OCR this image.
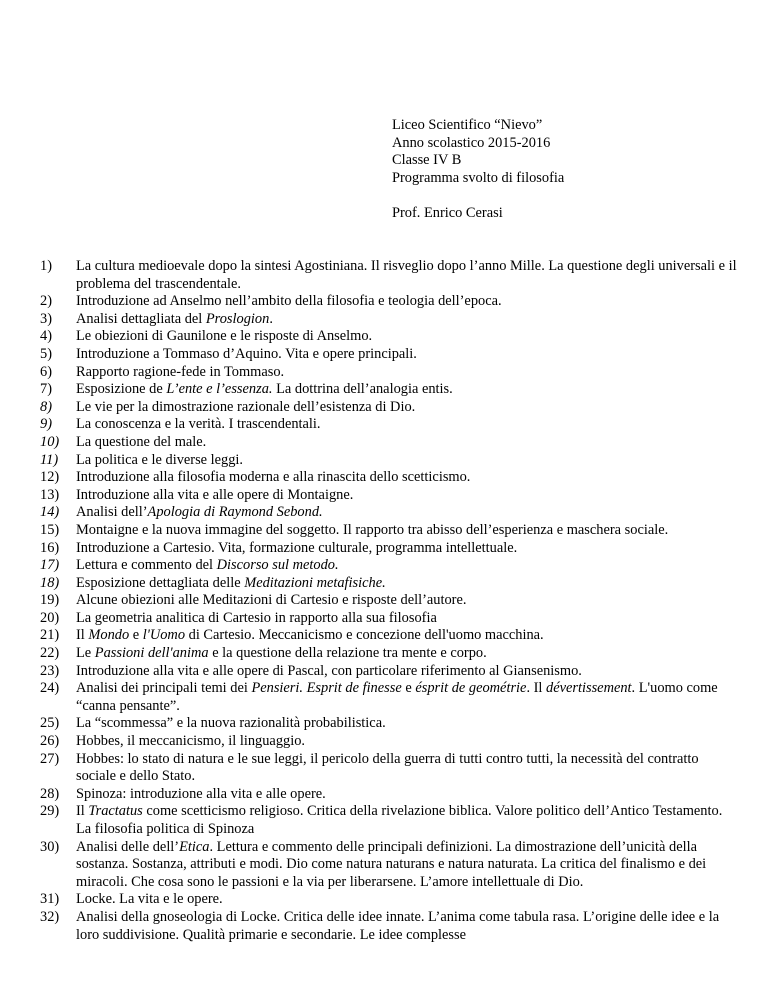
Liceo Scientifico “Nievo”
Anno scolastico 2015-2016
Classe IV B
Programma svolto di filosofia
Prof. Enrico Cerasi
1) La cultura medioevale dopo la sintesi Agostiniana. Il risveglio dopo l’anno Mille. La questione degli universali e il problema del trascendentale.
2) Introduzione ad Anselmo nell’ambito della filosofia e teologia dell’epoca.
3) Analisi dettagliata del Proslogion.
4) Le obiezioni di Gaunilone e le risposte di Anselmo.
5) Introduzione a Tommaso d’Aquino. Vita e opere principali.
6) Rapporto ragione-fede in Tommaso.
7) Esposizione de L’ente e l’essenza. La dottrina dell’analogia entis.
8) Le vie per la dimostrazione razionale dell’esistenza di Dio.
9) La conoscenza e la verità. I trascendentali.
10) La questione del male.
11) La politica e le diverse leggi.
12) Introduzione alla filosofia moderna e alla rinascita dello scetticismo.
13) Introduzione alla vita e alle opere di Montaigne.
14) Analisi dell’Apologia di Raymond Sebond.
15) Montaigne e la nuova immagine del soggetto. Il rapporto tra abisso dell’esperienza e maschera sociale.
16) Introduzione a Cartesio. Vita, formazione culturale, programma intellettuale.
17) Lettura e commento del Discorso sul metodo.
18) Esposizione dettagliata delle Meditazioni metafisiche.
19) Alcune obiezioni alle Meditazioni di Cartesio e risposte dell’autore.
20) La geometria analitica di Cartesio in rapporto alla sua filosofia
21) Il Mondo e l'Uomo di Cartesio. Meccanicismo e concezione dell'uomo macchina.
22) Le Passioni dell'anima e la questione della relazione tra mente e corpo.
23) Introduzione alla vita e alle opere di Pascal, con particolare riferimento al Giansenismo.
24) Analisi dei principali temi dei Pensieri. Esprit de finesse e ésprit de geométrie. Il dévertissement. L'uomo come “canna pensante”.
25) La “scommessa” e la nuova razionalità probabilistica.
26) Hobbes, il meccanicismo, il linguaggio.
27) Hobbes: lo stato di natura e le sue leggi, il pericolo della guerra di tutti contro tutti, la necessità del contratto sociale e dello Stato.
28) Spinoza: introduzione alla vita e alle opere.
29) Il Tractatus come scetticismo religioso. Critica della rivelazione biblica. Valore politico dell’Antico Testamento. La filosofia politica di Spinoza
30) Analisi delle dell’Etica. Lettura e commento delle principali definizioni. La dimostrazione dell’unicità della sostanza. Sostanza, attributi e modi. Dio come natura naturans e natura naturata. La critica del finalismo e dei miracoli. Che cosa sono le passioni e la via per liberarsene. L’amore intellettuale di Dio.
31) Locke. La vita e le opere.
32) Analisi della gnoseologia di Locke. Critica delle idee innate. L’anima come tabula rasa. L’origine delle idee e la loro suddivisione. Qualità primarie e secondarie. Le idee complesse
